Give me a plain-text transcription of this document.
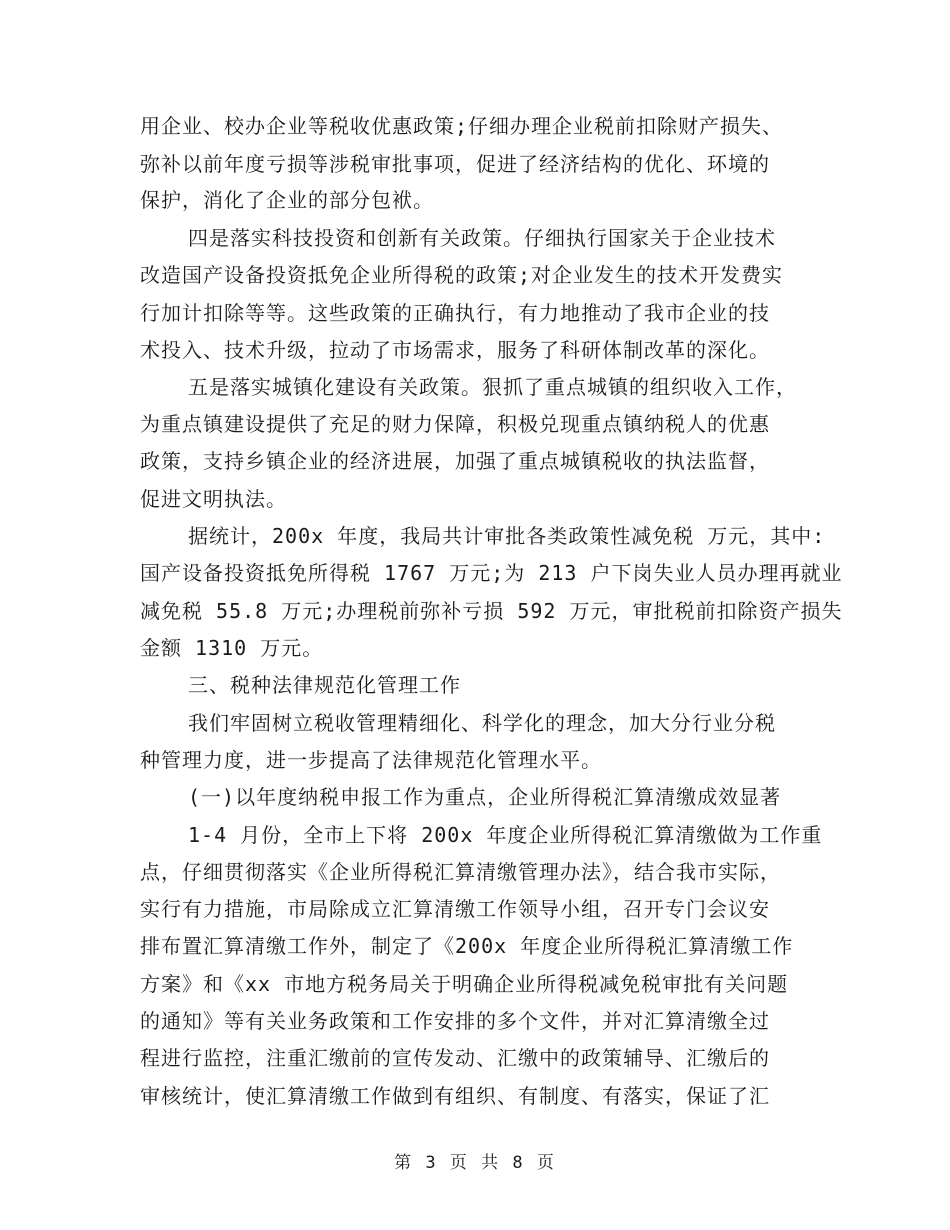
用企业、校办企业等税收优惠政策;仔细办理企业税前扣除财产损失、
弥补以前年度亏损等涉税审批事项，促进了经济结构的优化、环境的
保护，消化了企业的部分包袱。
四是落实科技投资和创新有关政策。仔细执行国家关于企业技术
改造国产设备投资抵免企业所得税的政策;对企业发生的技术开发费实
行加计扣除等等。这些政策的正确执行，有力地推动了我市企业的技
术投入、技术升级，拉动了市场需求，服务了科研体制改革的深化。
五是落实城镇化建设有关政策。狠抓了重点城镇的组织收入工作，
为重点镇建设提供了充足的财力保障，积极兑现重点镇纳税人的优惠
政策，支持乡镇企业的经济进展，加强了重点城镇税收的执法监督，
促进文明执法。
据统计，200x 年度，我局共计审批各类政策性减免税 万元，其中:
国产设备投资抵免所得税 1767 万元;为 213 户下岗失业人员办理再就业
减免税 55.8 万元;办理税前弥补亏损 592 万元，审批税前扣除资产损失
金额 1310 万元。
三、税种法律规范化管理工作
我们牢固树立税收管理精细化、科学化的理念，加大分行业分税
种管理力度，进一步提高了法律规范化管理水平。
(一)以年度纳税申报工作为重点，企业所得税汇算清缴成效显著
1-4 月份，全市上下将 200x 年度企业所得税汇算清缴做为工作重
点，仔细贯彻落实《企业所得税汇算清缴管理办法》，结合我市实际，
实行有力措施，市局除成立汇算清缴工作领导小组，召开专门会议安
排布置汇算清缴工作外，制定了《200x 年度企业所得税汇算清缴工作
方案》和《xx 市地方税务局关于明确企业所得税减免税审批有关问题
的通知》等有关业务政策和工作安排的多个文件，并对汇算清缴全过
程进行监控，注重汇缴前的宣传发动、汇缴中的政策辅导、汇缴后的
审核统计，使汇算清缴工作做到有组织、有制度、有落实，保证了汇
第 3 页 共 8 页
